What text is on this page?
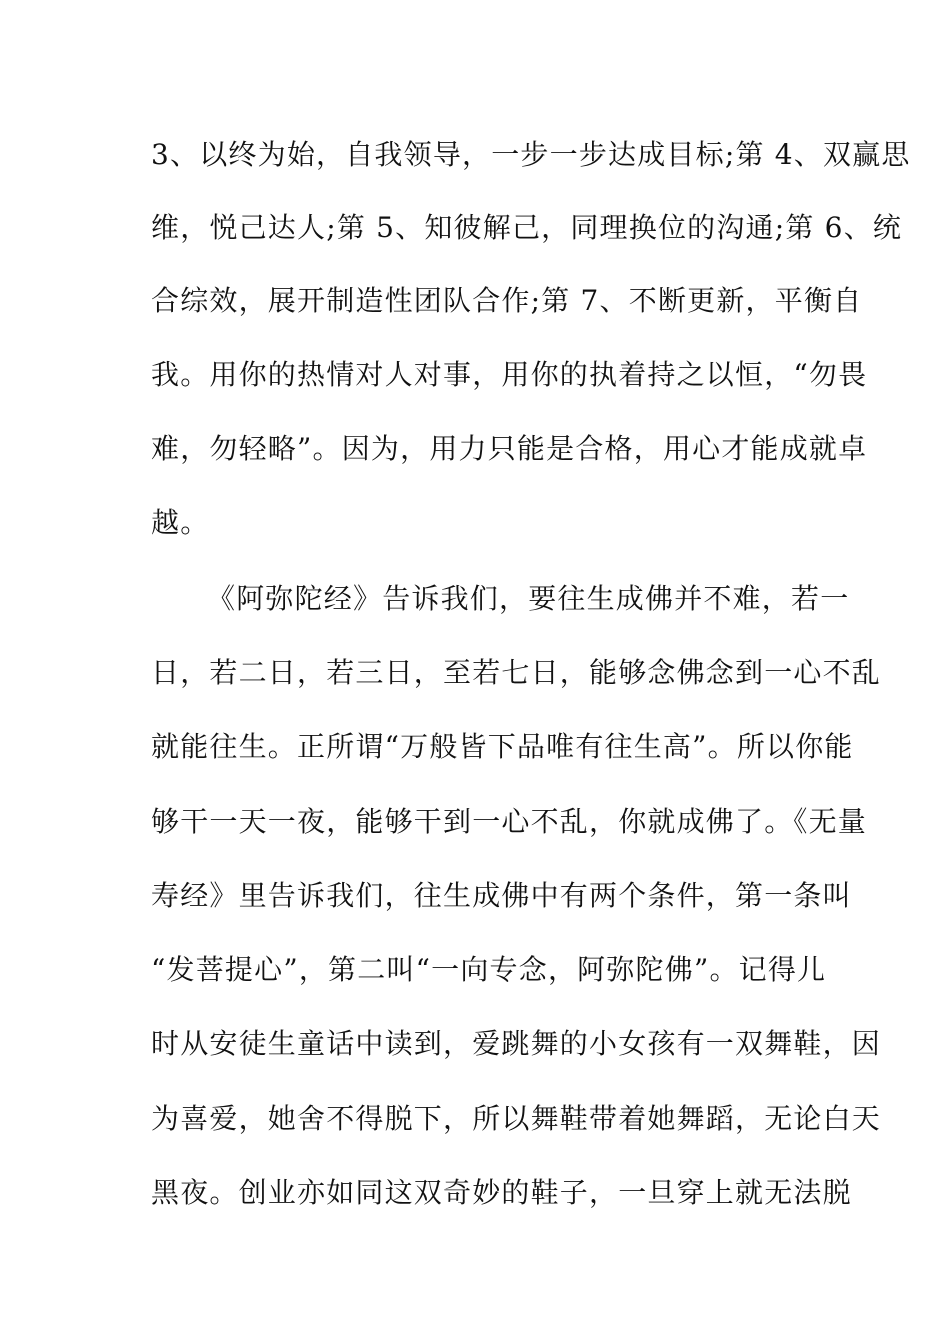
3、以终为始，自我领导，一步一步达成目标;第 4、双赢思
维，悦己达人;第 5、知彼解己，同理换位的沟通;第 6、统
合综效，展开制造性团队合作;第 7、不断更新，平衡自
我。用你的热情对人对事，用你的执着持之以恒，“勿畏
难，勿轻略”。因为，用力只能是合格，用心才能成就卓
越。
《阿弥陀经》告诉我们，要往生成佛并不难，若一
日，若二日，若三日，至若七日，能够念佛念到一心不乱
就能往生。正所谓“万般皆下品唯有往生高”。所以你能
够干一天一夜，能够干到一心不乱，你就成佛了。《无量
寿经》里告诉我们，往生成佛中有两个条件，第一条叫
“发菩提心”，第二叫“一向专念，阿弥陀佛”。记得儿
时从安徒生童话中读到，爱跳舞的小女孩有一双舞鞋，因
为喜爱，她舍不得脱下，所以舞鞋带着她舞蹈，无论白天
黑夜。创业亦如同这双奇妙的鞋子，一旦穿上就无法脱
